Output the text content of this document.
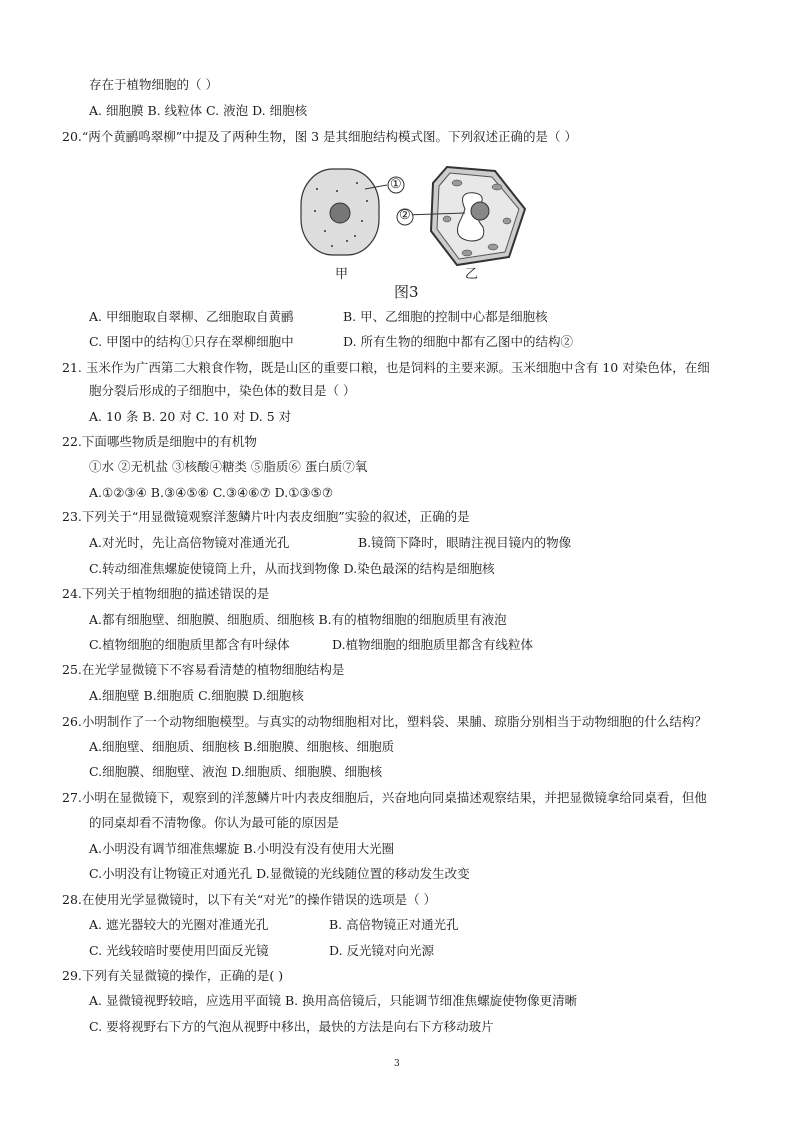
存在于植物细胞的（ ）
A. 细胞膜 B. 线粒体 C. 液泡 D. 细胞核
20.“两个黄鹂鸣翠柳”中提及了两种生物，图 3 是其细胞结构模式图。下列叙述正确的是（ ）
A. 甲细胞取自翠柳、乙细胞取自黄鹂	B. 甲、乙细胞的控制中心都是细胞核
C. 甲图中的结构①只存在翠柳细胞中	D. 所有生物的细胞中都有乙图中的结构②
21. 玉米作为广西第二大粮食作物，既是山区的重要口粮，也是饲料的主要来源。玉米细胞中含有 10 对染色体，在细
胞分裂后形成的子细胞中，染色体的数目是（ ）
A. 10 条 B. 20 对 C. 10 对 D. 5 对
22.下面哪些物质是细胞中的有机物
①水 ②无机盐 ③核酸④糖类 ⑤脂质⑥ 蛋白质⑦氧
A.①②③④ B.③④⑤⑥ C.③④⑥⑦ D.①③⑤⑦
23.下列关于“用显微镜观察洋葱鳞片叶内表皮细胞”实验的叙述，正确的是
A.对光时，先让高倍物镜对准通光孔	B.镜筒下降时，眼睛注视目镜内的物像
C.转动细准焦螺旋使镜筒上升，从而找到物像 D.染色最深的结构是细胞核
24.下列关于植物细胞的描述错误的是
A.都有细胞壁、细胞膜、细胞质、细胞核 B.有的植物细胞的细胞质里有液泡
C.植物细胞的细胞质里都含有叶绿体	D.植物细胞的细胞质里都含有线粒体
25.在光学显微镜下不容易看清楚的植物细胞结构是
A.细胞壁 B.细胞质 C.细胞膜 D.细胞核
26.小明制作了一个动物细胞模型。与真实的动物细胞相对比，塑料袋、果脯、琼脂分别相当于动物细胞的什么结构？
A.细胞壁、细胞质、细胞核 B.细胞膜、细胞核、细胞质
C.细胞膜、细胞壁、液泡 D.细胞质、细胞膜、细胞核
27.小明在显微镜下，观察到的洋葱鳞片叶内表皮细胞后，兴奋地向同桌描述观察结果，并把显微镜拿给同桌看，但他
的同桌却看不清物像。你认为最可能的原因是
A.小明没有调节细准焦螺旋 B.小明没有没有使用大光圈
C.小明没有让物镜正对通光孔 D.显微镜的光线随位置的移动发生改变
28.在使用光学显微镜时，以下有关“对光”的操作错误的选项是（ ）
A. 遮光器较大的光圈对准通光孔	B. 高倍物镜正对通光孔
C. 光线较暗时要使用凹面反光镜	D. 反光镜对向光源
29.下列有关显微镜的操作，正确的是( )
A. 显微镜视野较暗，应选用平面镜 B. 换用高倍镜后，只能调节细准焦螺旋使物像更清晰
C. 要将视野右下方的气泡从视野中移出，最快的方法是向右下方移动玻片
①
②
甲	乙
图3
3
